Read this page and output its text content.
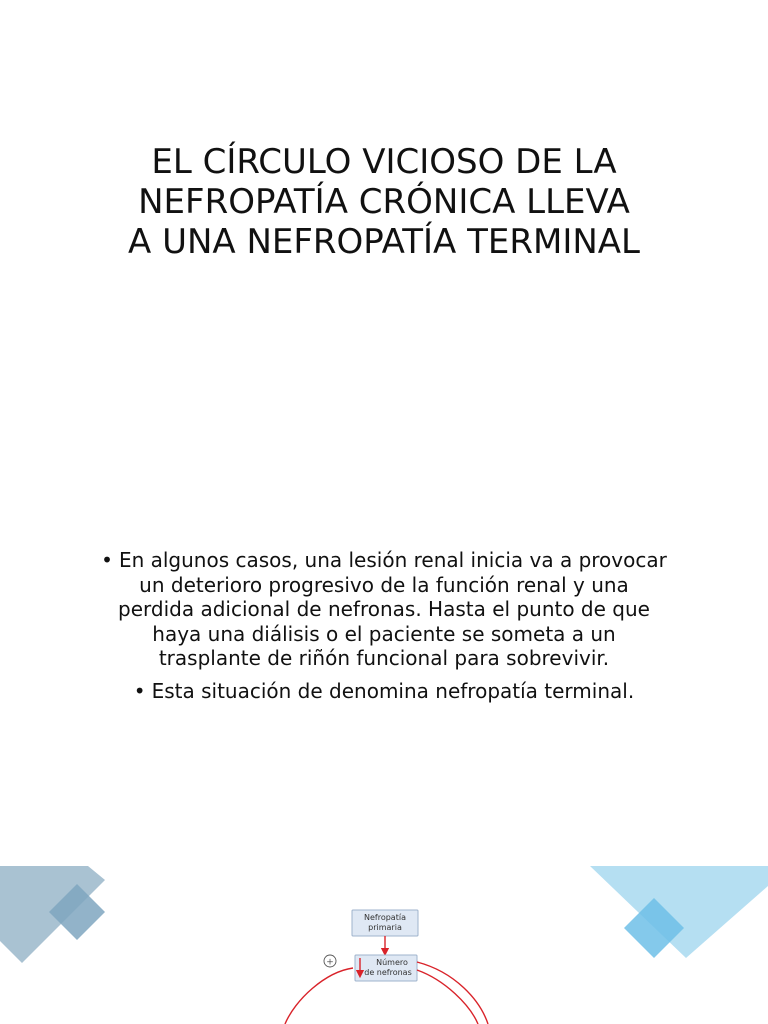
EL CÍRCULO VICIOSO DE LA
NEFROPATÍA CRÓNICA LLEVA
A UNA NEFROPATÍA TERMINAL
• En algunos casos, una lesión renal inicia va a provocar
un deterioro progresivo de la función renal y una
perdida adicional de nefronas. Hasta el punto de que
haya una diálisis o el paciente se someta a un
trasplante de riñón funcional para sobrevivir.
• Esta situación de denomina nefropatía terminal.
Nefropatía
primaria
Número
de nefronas
+
